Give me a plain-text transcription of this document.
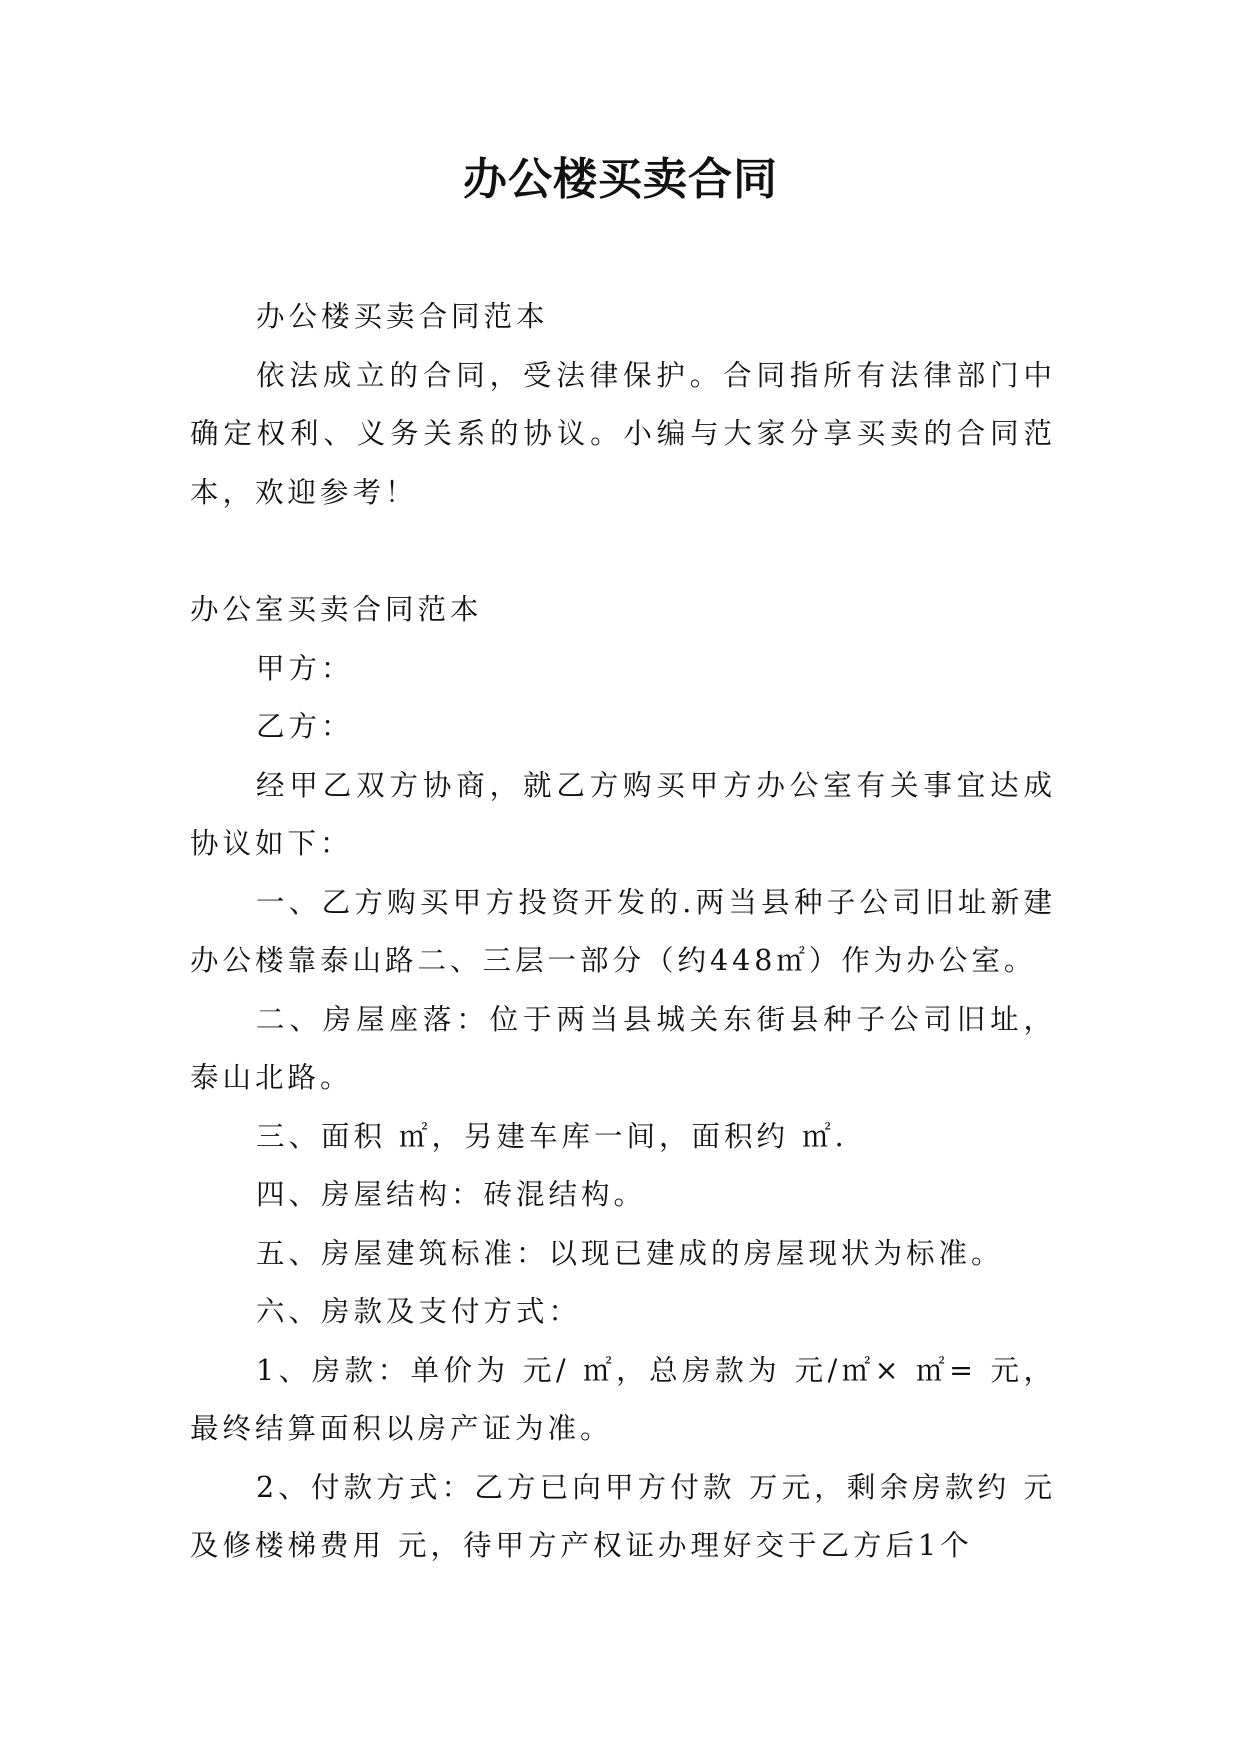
办公楼买卖合同

办公楼买卖合同范本

依法成立的合同，受法律保护。合同指所有法律部门中确定权利、义务关系的协议。小编与大家分享买卖的合同范本，欢迎参考！

办公室买卖合同范本

甲方：

乙方：

经甲乙双方协商，就乙方购买甲方办公室有关事宜达成协议如下：

一、乙方购买甲方投资开发的.两当县种子公司旧址新建办公楼靠泰山路二、三层一部分（约448㎡）作为办公室。

二、房屋座落：位于两当县城关东街县种子公司旧址，泰山北路。

三、面积 ㎡，另建车库一间，面积约 ㎡.

四、房屋结构：砖混结构。

五、房屋建筑标准：以现已建成的房屋现状为标准。

六、房款及支付方式：

1、房款：单价为 元/ ㎡，总房款为 元/㎡× ㎡= 元，最终结算面积以房产证为准。

2、付款方式：乙方已向甲方付款 万元，剩余房款约 元及修楼梯费用 元，待甲方产权证办理好交于乙方后1个
